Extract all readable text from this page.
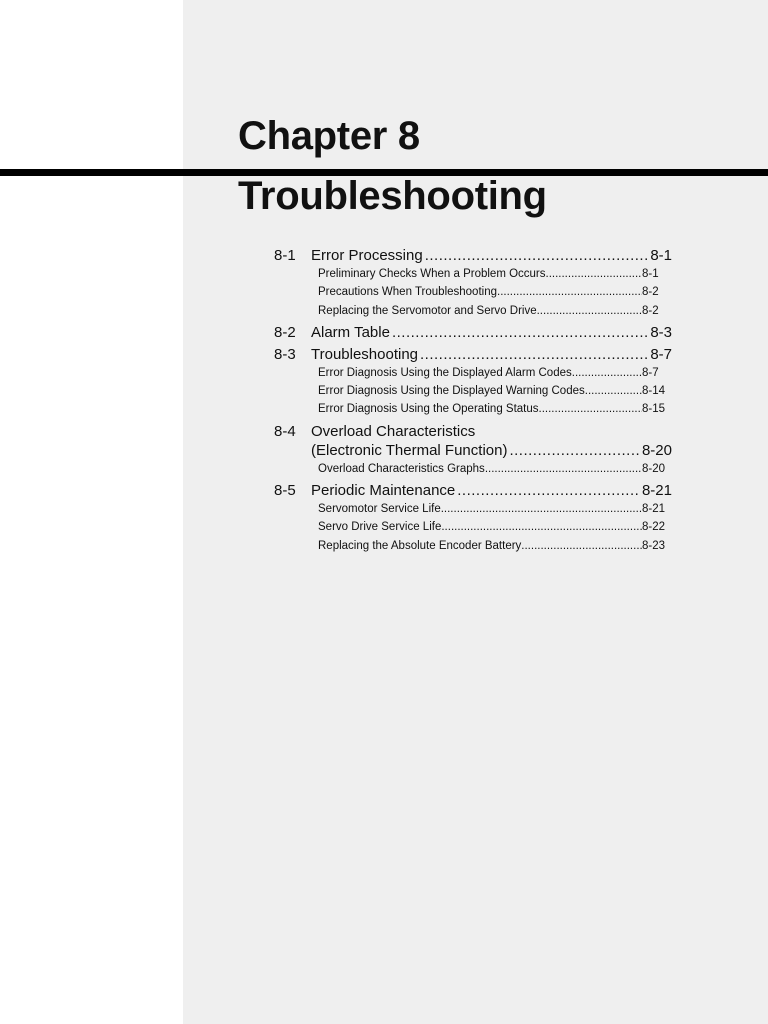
Chapter 8
Troubleshooting
8-1	Error Processing .....	8-1
Preliminary Checks When a Problem Occurs .....	8-1
Precautions When Troubleshooting .....	8-2
Replacing the Servomotor and Servo Drive .....	8-2
8-2	Alarm Table .....	8-3
8-3	Troubleshooting .....	8-7
Error Diagnosis Using the Displayed Alarm Codes .....	8-7
Error Diagnosis Using the Displayed Warning Codes .....	8-14
Error Diagnosis Using the Operating Status .....	8-15
8-4	Overload Characteristics
(Electronic Thermal Function) .....	8-20
Overload Characteristics Graphs .....	8-20
8-5	Periodic Maintenance .....	8-21
Servomotor Service Life .....	8-21
Servo Drive Service Life .....	8-22
Replacing the Absolute Encoder Battery .....	8-23
